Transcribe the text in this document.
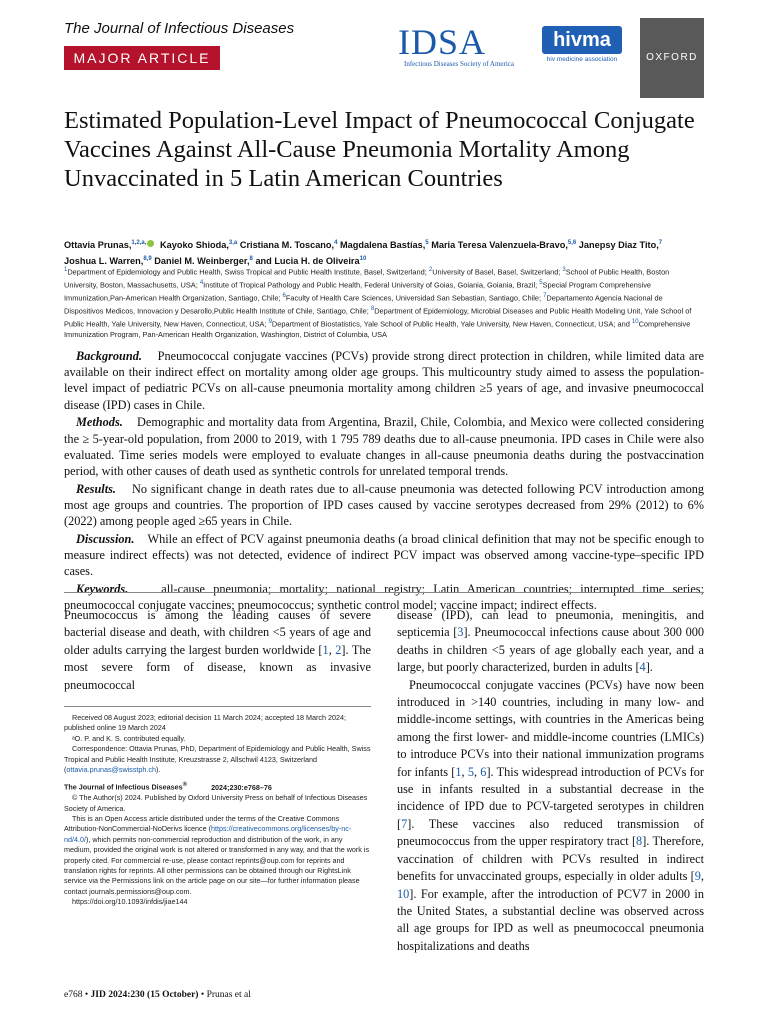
The Journal of Infectious Diseases
MAJOR ARTICLE	IDSA
Infectious Diseases Society of America
hivma
hiv medicine association	OXFORD
Estimated Population-Level Impact of Pneumococcal Conjugate Vaccines Against All-Cause Pneumonia Mortality Among Unvaccinated in 5 Latin American Countries
Ottavia Prunas,$^{1,2,a,}$ Kayoko Shioda,$^{3,a}$ Cristiana M. Toscano,$^4$ Magdalena Bastías,$^5$ Maria Teresa Valenzuela-Bravo,$^{5,6}$ Janepsy Diaz Tito,$^7$
Joshua L. Warren,$^{8,9}$ Daniel M. Weinberger,$^8$ and Lucia H. de Oliveira$^{10}$
$^1$Department of Epidemiology and Public Health, Swiss Tropical and Public Health Institute, Basel, Switzerland; $^2$University of Basel, Basel, Switzerland; $^3$School of Public Health, Boston University, Boston, Massachusetts, USA; $^4$Institute of Tropical Pathology and Public Health, Federal University of Goias, Goiania, Goiania, Brazil; $^5$Special Program Comprehensive Immunization,Pan-American Health Organization, Santiago, Chile; $^6$Faculty of Health Care Sciences, Universidad San Sebastian, Santiago, Chile; $^7$Departamento Agencia Nacional de Dispositivos Medicos, Innovacion y Desarollo,Public Health Institute of Chile, Santiago, Chile; $^8$Department of Epidemiology, Microbial Diseases and Public Health Modeling Unit, Yale School of Public Health, Yale University, New Haven, Connecticut, USA; $^9$Department of Biostatistics, Yale School of Public Health, Yale University, New Haven, Connecticut, USA; and $^{10}$Comprehensive Immunization Program, Pan-American Health Organization, Washington, District of Columbia, USA

Background. Pneumococcal conjugate vaccines (PCVs) provide strong direct protection in children, while limited data are available on their indirect effect on mortality among older age groups. This multicountry study aimed to assess the population-level impact of pediatric PCVs on all-cause pneumonia mortality among children ≥5 years of age, and invasive pneumococcal disease (IPD) cases in Chile.

Methods. Demographic and mortality data from Argentina, Brazil, Chile, Colombia, and Mexico were collected considering the ≥ 5-year-old population, from 2000 to 2019, with 1 795 789 deaths due to all-cause pneumonia. IPD cases in Chile were also evaluated. Time series models were employed to evaluate changes in all-cause pneumonia deaths during the postvaccination period, with other causes of death used as synthetic controls for unrelated temporal trends.

Results. No significant change in death rates due to all-cause pneumonia was detected following PCV introduction among most age groups and countries. The proportion of IPD cases caused by vaccine serotypes decreased from 29% (2012) to 6% (2022) among people aged ≥65 years in Chile.

Discussion. While an effect of PCV against pneumonia deaths (a broad clinical definition that may not be specific enough to measure indirect effects) was not detected, evidence of indirect PCV impact was observed among vaccine-type–specific IPD cases.

Keywords.	all-cause pneumonia; mortality; national registry; Latin American countries; interrupted time series; pneumococcal conjugate vaccines; pneumococcus; synthetic control model; vaccine impact; indirect effects.

Pneumococcus is among the leading causes of severe bacterial disease and death, with children <5 years of age and older adults carrying the largest burden worldwide [1, 2]. The most severe form of disease, known as invasive pneumococcal

Received 08 August 2023; editorial decision 11 March 2024; accepted 18 March 2024; published online 19 March 2024

ᵃO. P. and K. S. contributed equally.

Correspondence: Ottavia Prunas, PhD, Department of Epidemiology and Public Health, Swiss Tropical and Public Health Institute, Kreuzstrasse 2, Allschwil 4123, Switzerland (ottavia.prunas@swisstph.ch).

The Journal of Infectious Diseases®	2024;230:e768–76

© The Author(s) 2024. Published by Oxford University Press on behalf of Infectious Diseases Society of America.

This is an Open Access article distributed under the terms of the Creative Commons Attribution-NonCommercial-NoDerivs licence (https://creativecommons.org/licenses/by-nc-nd/4.0/), which permits non-commercial reproduction and distribution of the work, in any medium, provided the original work is not altered or transformed in any way, and that the work is properly cited. For commercial re-use, please contact reprints@oup.com for reprints and translation rights for reprints. All other permissions can be obtained through our RightsLink service via the Permissions link on the article page on our site—for further information please contact journals.permissions@oup.com.

https://doi.org/10.1093/infdis/jiae144

disease (IPD), can lead to pneumonia, meningitis, and septicemia [3]. Pneumococcal infections cause about 300 000 deaths in children <5 years of age globally each year, and a large, but poorly characterized, burden in adults [4].

Pneumococcal conjugate vaccines (PCVs) have now been introduced in >140 countries, including in many low- and middle-income settings, with countries in the Americas being among the first lower- and middle-income countries (LMICs) to introduce PCVs into their national immunization programs for infants [1, 5, 6]. This widespread introduction of PCVs for use in infants resulted in a substantial decrease in the incidence of IPD due to PCV-targeted serotypes in children [7]. These vaccines also reduced transmission of pneumococcus from the upper respiratory tract [8]. Therefore, vaccination of children with PCVs resulted in indirect benefits for unvaccinated groups, especially in older adults [9, 10]. For example, after the introduction of PCV7 in 2000 in the United States, a substantial decline was observed across all age groups for IPD as well as pneumococcal pneumonia hospitalizations and deaths

e768 • JID 2024:230 (15 October) • Prunas et al
